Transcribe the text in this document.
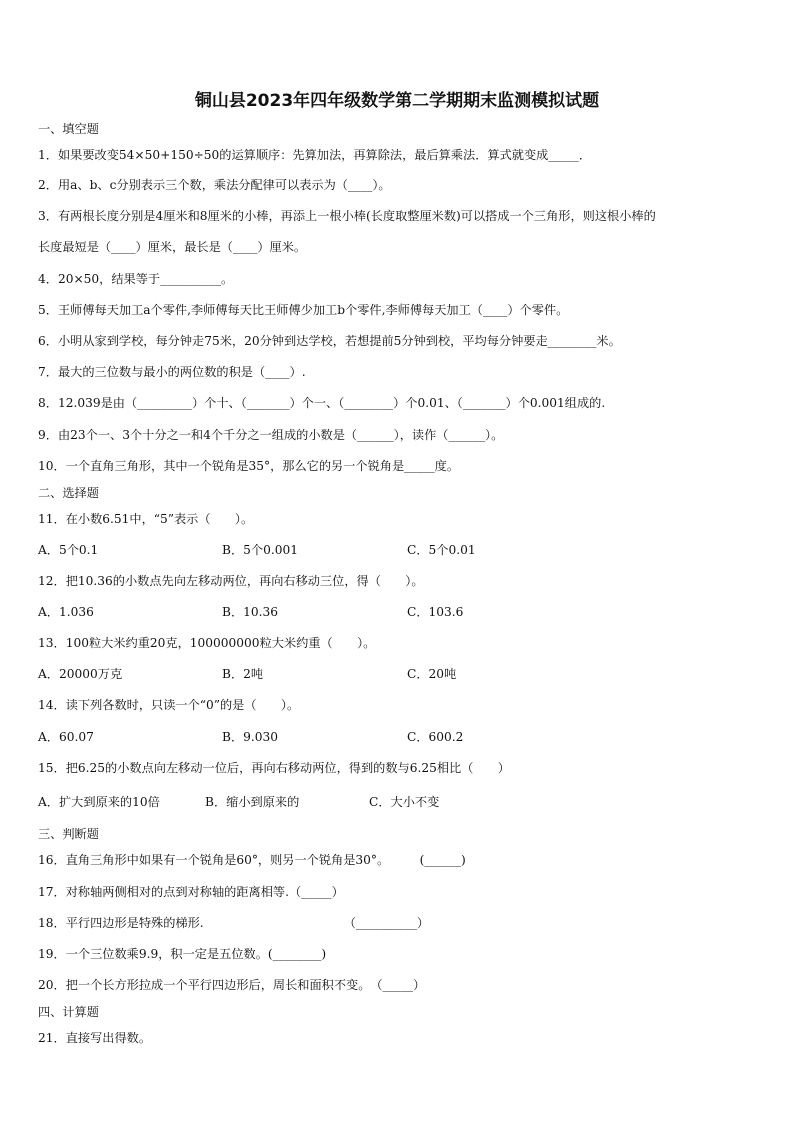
铜山县2023年四年级数学第二学期期末监测模拟试题
一、填空题
1．如果要改变54×50+150÷50的运算顺序：先算加法，再算除法，最后算乘法．算式就变成_____．
2．用a、b、c分别表示三个数，乘法分配律可以表示为（____）。
3．有两根长度分别是4厘米和8厘米的小棒，再添上一根小棒(长度取整厘米数)可以搭成一个三角形，则这根小棒的
长度最短是（____）厘米，最长是（____）厘米。
4．20×50，结果等于__________。
5．王师傅每天加工a个零件,李师傅每天比王师傅少加工b个零件,李师傅每天加工（____）个零件。
6．小明从家到学校，每分钟走75米，20分钟到达学校，若想提前5分钟到校，平均每分钟要走________米。
7．最大的三位数与最小的两位数的积是（____）.
8．12.039是由（_________）个十、（_______）个一、（________）个0.01、（_______）个0.001组成的.
9．由23个一、3个十分之一和4个千分之一组成的小数是（______），读作（______）。
10．一个直角三角形，其中一个锐角是35°，那么它的另一个锐角是_____度。
二、选择题
11．在小数6.51中，“5”表示（　　）。
A．5个0.1	B．5个0.001	C．5个0.01
12．把10.36的小数点先向左移动两位，再向右移动三位，得（　　）。
A．1.036	B．10.36	C．103.6
13．100粒大米约重20克，100000000粒大米约重（　　）。
A．20000万克	B．2吨	C．20吨
14．读下列各数时，只读一个“0”的是（　　）。
A．60.07	B．9.030	C．600.2
15．把6.25的小数点向左移动一位后，再向右移动两位，得到的数与6.25相比（　　）
A．扩大到原来的10倍	B．缩小到原来的	C．大小不变
三、判断题
16．直角三角形中如果有一个锐角是60°，则另一个锐角是30°。　　　(______)
17．对称轴两侧相对的点到对称轴的距离相等.（_____）
18．平行四边形是特殊的梯形.　　　　　　　　　　　　（__________）
19．一个三位数乘9.9，积一定是五位数。(________)
20．把一个长方形拉成一个平行四边形后，周长和面积不变。　（_____）
四、计算题
21．直接写出得数。
